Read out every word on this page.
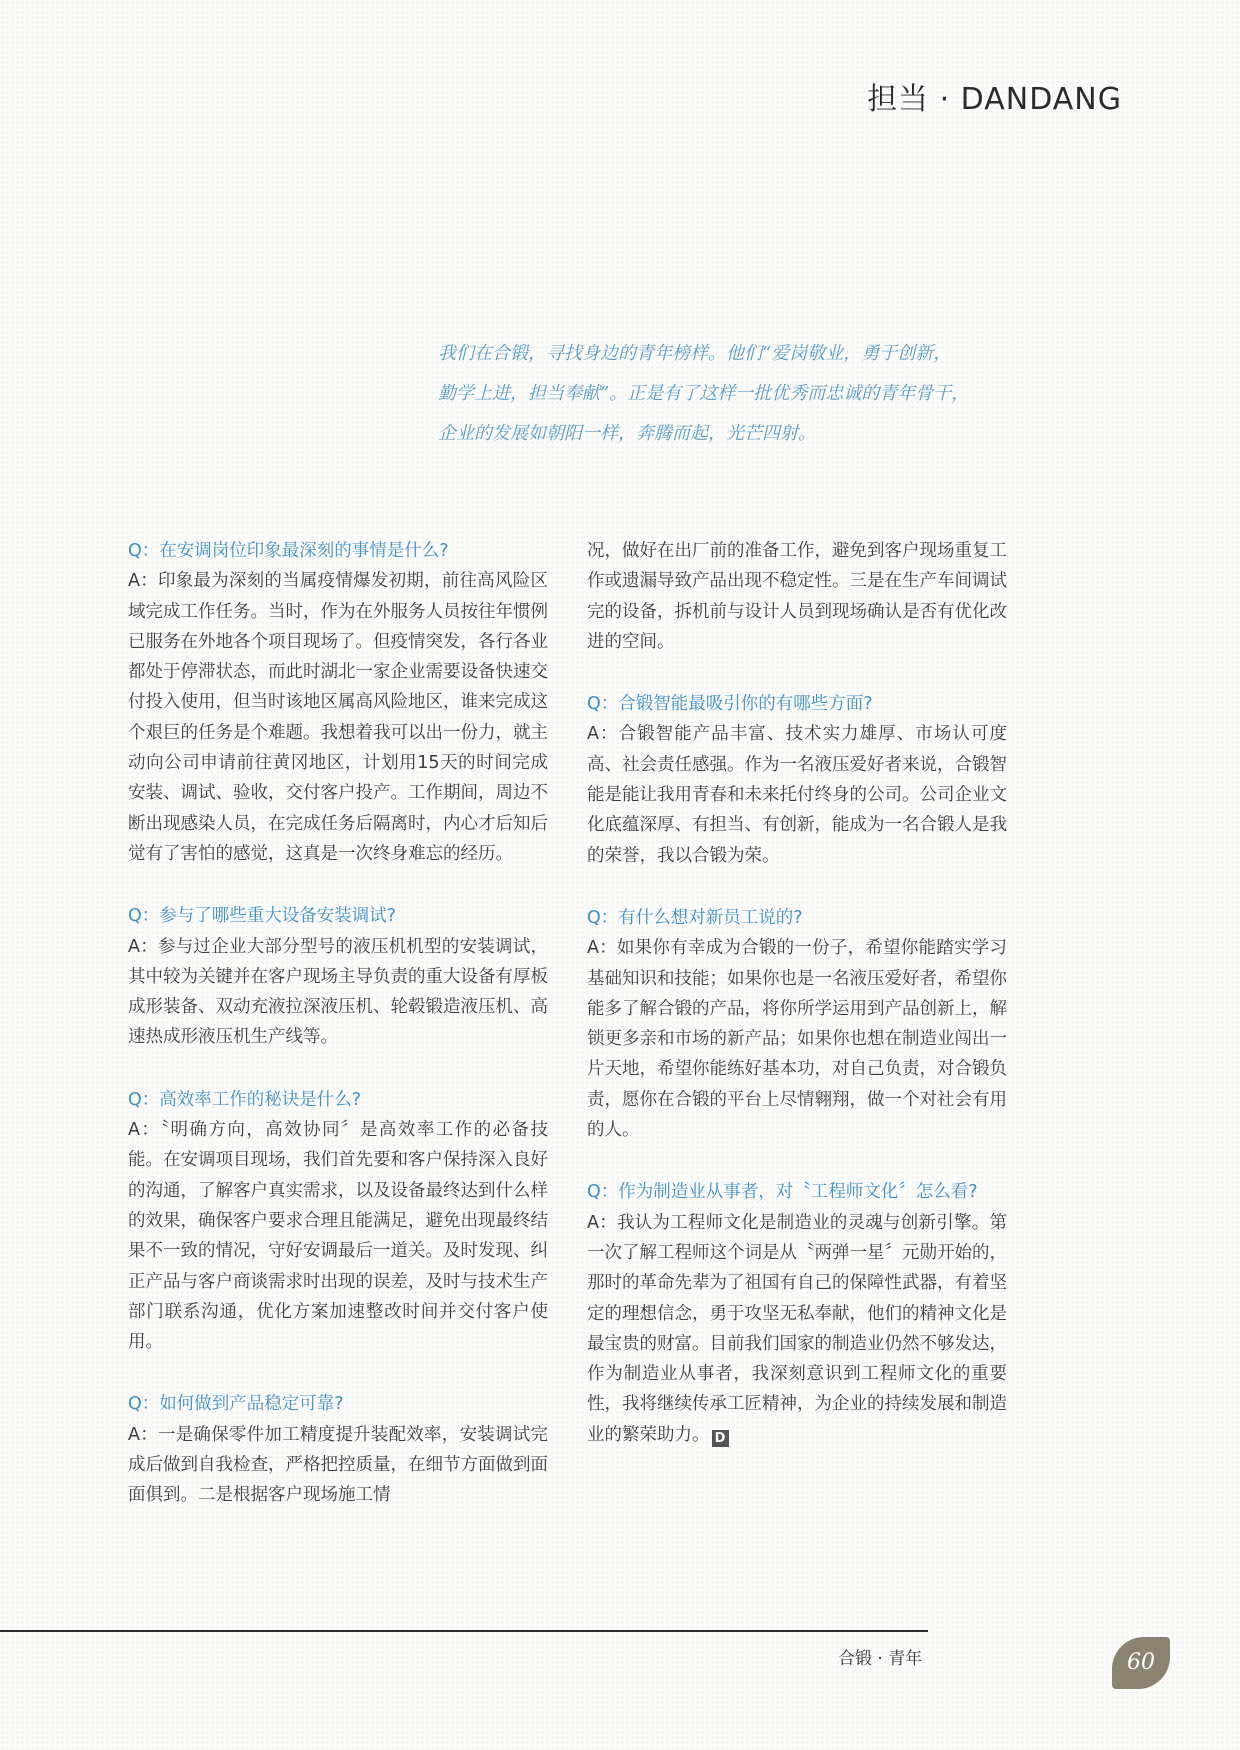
担当 · DANDANG

我们在合锻，寻找身边的青年榜样。他们“爱岗敬业，勇于创新，

勤学上进，担当奉献”。正是有了这样一批优秀而忠诚的青年骨干，

企业的发展如朝阳一样，奔腾而起，光芒四射。

Q：在安调岗位印象最深刻的事情是什么?

A：印象最为深刻的当属疫情爆发初期，前往高风险区域完成工作任务。当时，作为在外服务人员按往年惯例已服务在外地各个项目现场了。但疫情突发，各行各业都处于停滞状态，而此时湖北一家企业需要设备快速交付投入使用，但当时该地区属高风险地区，谁来完成这个艰巨的任务是个难题。我想着我可以出一份力，就主动向公司申请前往黄冈地区，计划用15天的时间完成安装、调试、验收，交付客户投产。工作期间，周边不断出现感染人员，在完成任务后隔离时，内心才后知后觉有了害怕的感觉，这真是一次终身难忘的经历。

Q：参与了哪些重大设备安装调试?

A：参与过企业大部分型号的液压机机型的安装调试，其中较为关键并在客户现场主导负责的重大设备有厚板成形装备、双动充液拉深液压机、轮毂锻造液压机、高速热成形液压机生产线等。

Q：高效率工作的秘诀是什么?

A：〝明确方向，高效协同〞是高效率工作的必备技能。在安调项目现场，我们首先要和客户保持深入良好的沟通，了解客户真实需求，以及设备最终达到什么样的效果，确保客户要求合理且能满足，避免出现最终结果不一致的情况，守好安调最后一道关。及时发现、纠正产品与客户商谈需求时出现的误差，及时与技术生产部门联系沟通，优化方案加速整改时间并交付客户使用。

Q：如何做到产品稳定可靠?

A：一是确保零件加工精度提升装配效率，安装调试完成后做到自我检查，严格把控质量，在细节方面做到面面俱到。二是根据客户现场施工情

况，做好在出厂前的准备工作，避免到客户现场重复工作或遗漏导致产品出现不稳定性。三是在生产车间调试完的设备，拆机前与设计人员到现场确认是否有优化改进的空间。

Q：合锻智能最吸引你的有哪些方面?

A：合锻智能产品丰富、技术实力雄厚、市场认可度高、社会责任感强。作为一名液压爱好者来说，合锻智能是能让我用青春和未来托付终身的公司。公司企业文化底蕴深厚、有担当、有创新，能成为一名合锻人是我的荣誉，我以合锻为荣。

Q：有什么想对新员工说的?

A：如果你有幸成为合锻的一份子，希望你能踏实学习基础知识和技能；如果你也是一名液压爱好者，希望你能多了解合锻的产品，将你所学运用到产品创新上，解锁更多亲和市场的新产品；如果你也想在制造业闯出一片天地，希望你能练好基本功，对自己负责，对合锻负责，愿你在合锻的平台上尽情翱翔，做一个对社会有用的人。

Q：作为制造业从事者，对〝工程师文化〞怎么看?

A：我认为工程师文化是制造业的灵魂与创新引擎。第一次了解工程师这个词是从〝两弹一星〞元勋开始的，那时的革命先辈为了祖国有自己的保障性武器，有着坚定的理想信念，勇于攻坚无私奉献，他们的精神文化是最宝贵的财富。目前我们国家的制造业仍然不够发达，作为制造业从事者，我深刻意识到工程师文化的重要性，我将继续传承工匠精神，为企业的持续发展和制造业的繁荣助力。 D

合锻 · 青年	60
